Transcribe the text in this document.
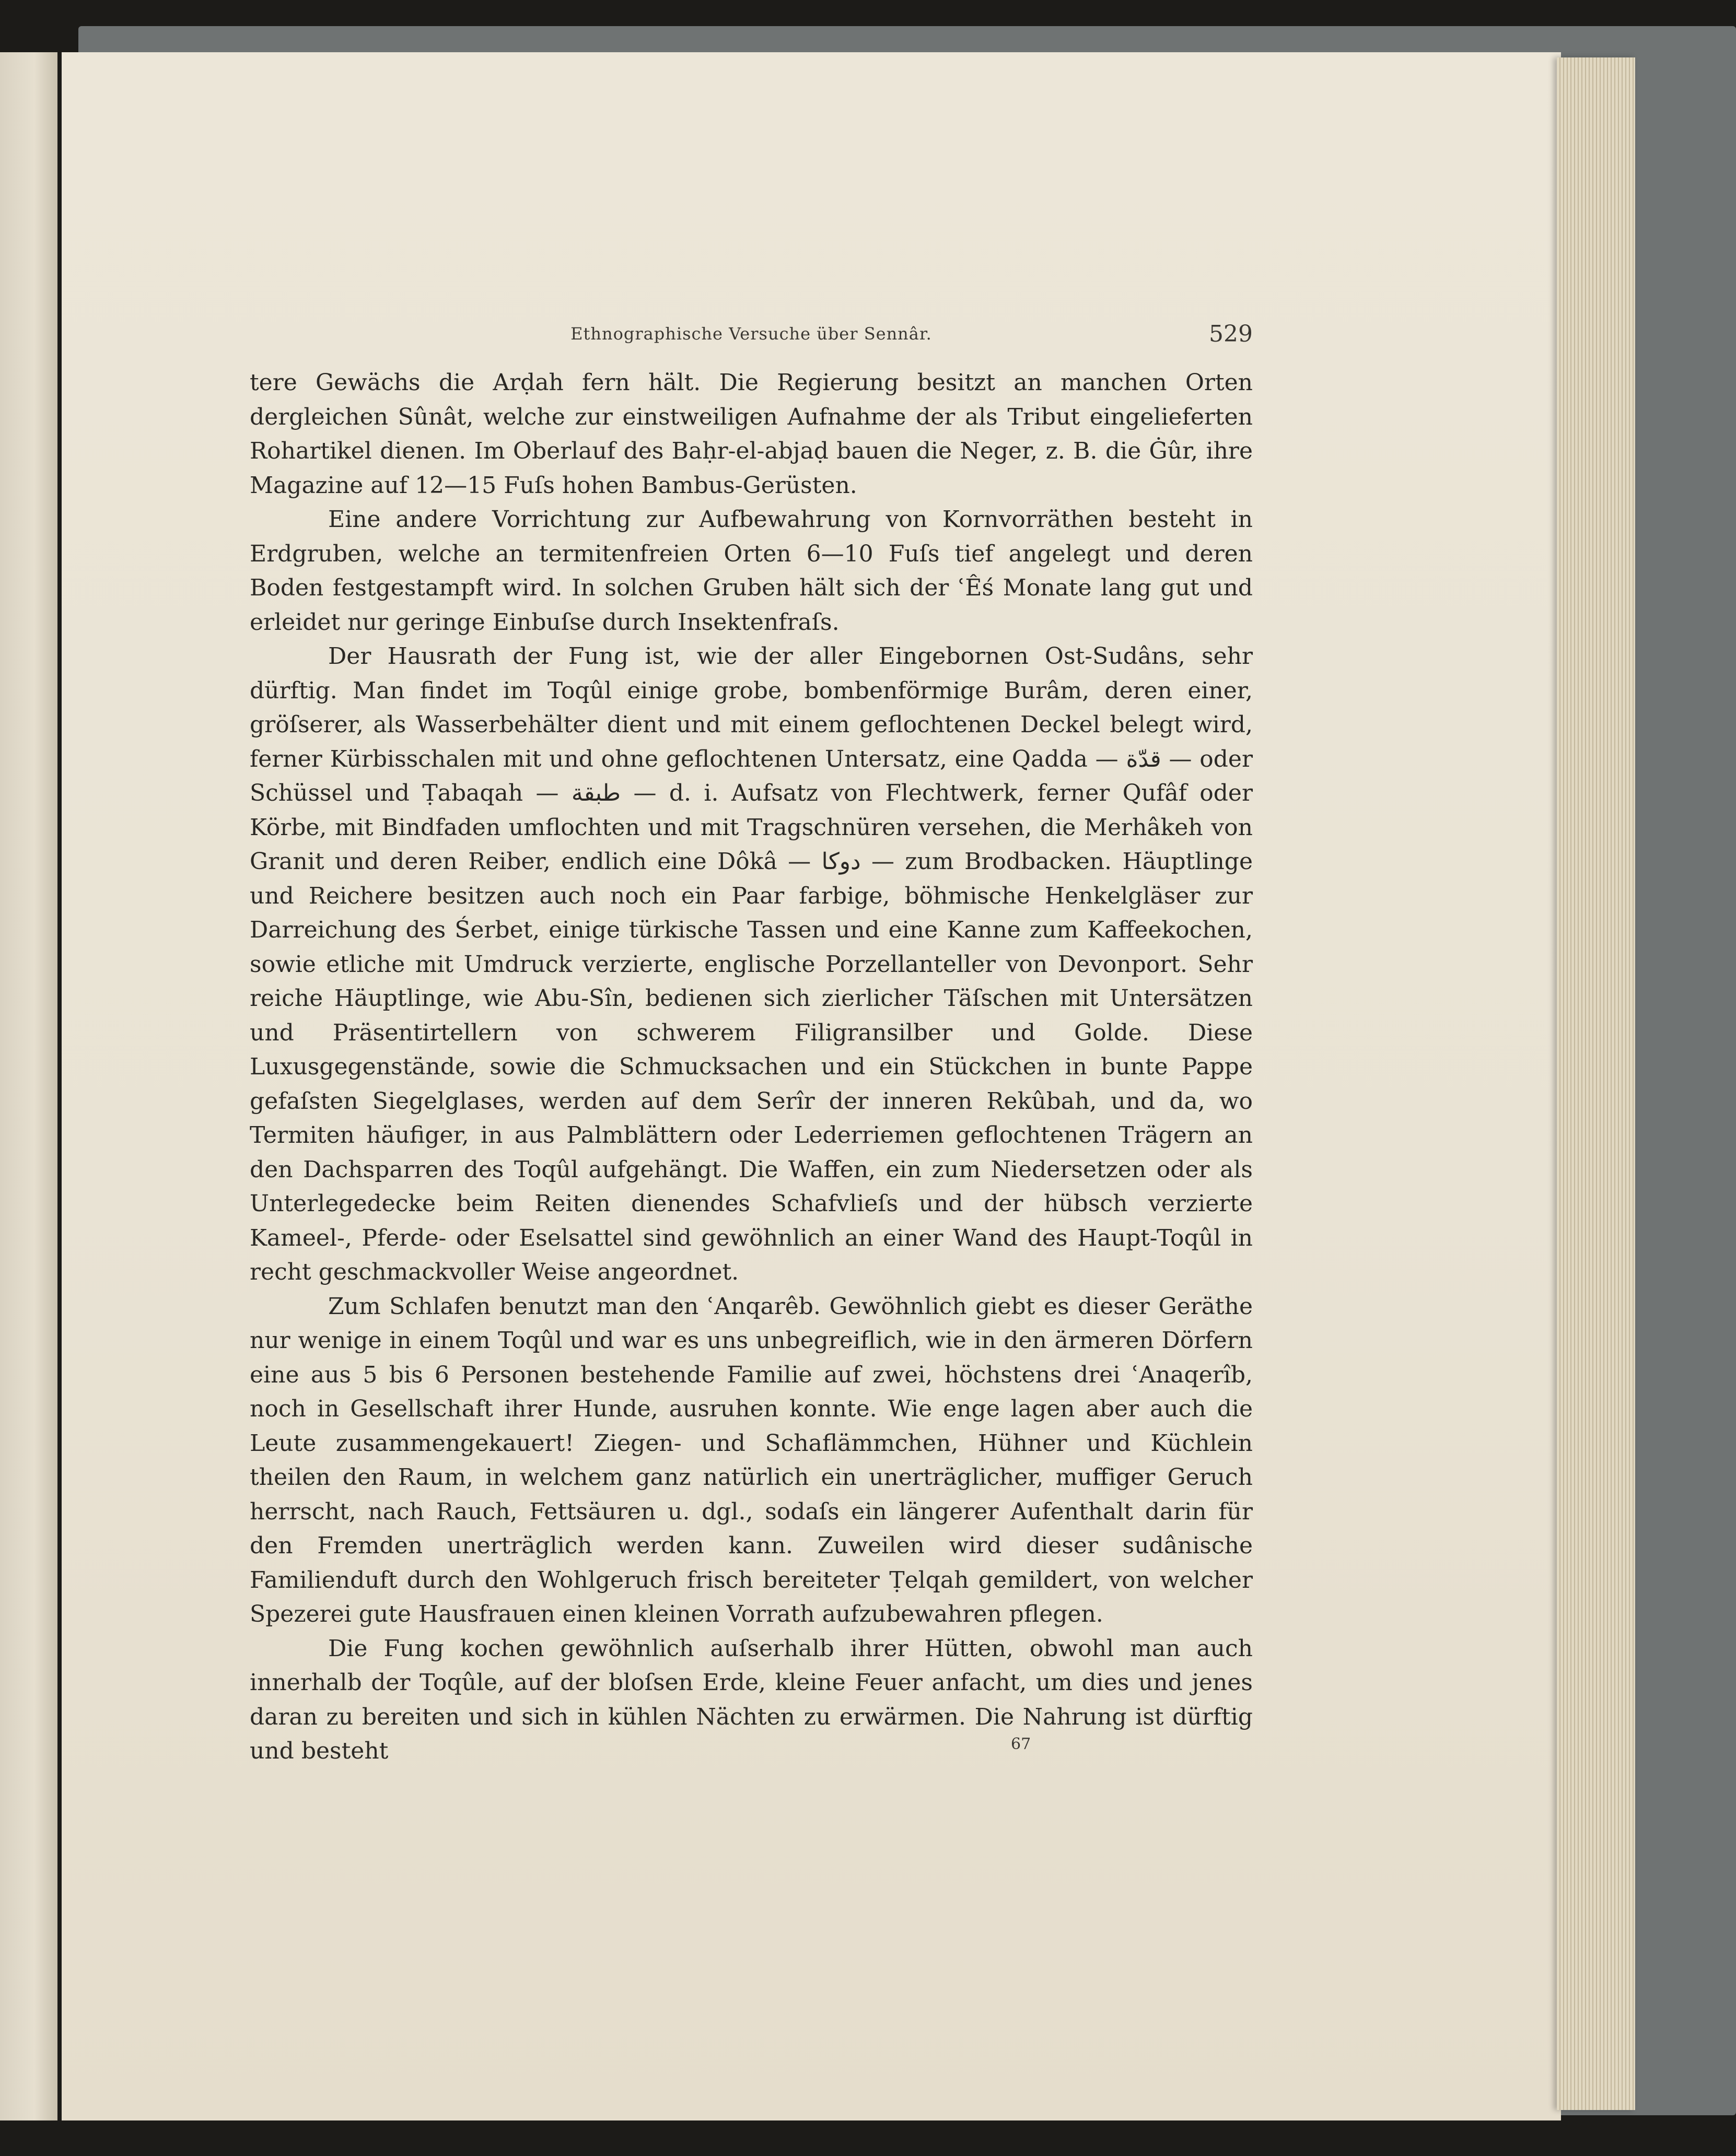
Ethnographische Versuche über Sennâr.	529

tere Gewächs die Arḍah fern hält. Die Regierung besitzt an manchen Orten dergleichen Sûnât, welche zur einstweiligen Aufnahme der als Tribut eingelieferten Rohartikel dienen. Im Oberlauf des Baḥr-el-abjaḍ bauen die Neger, z. B. die Ġûr, ihre Magazine auf 12—15 Fuſs hohen Bambus-Gerüsten.

Eine andere Vorrichtung zur Aufbewahrung von Kornvorräthen besteht in Erdgruben, welche an termitenfreien Orten 6—10 Fuſs tief angelegt und deren Boden festgestampft wird. In solchen Gruben hält sich der ʿÊś Monate lang gut und erleidet nur geringe Einbuſse durch Insektenfraſs.

Der Hausrath der Fung ist, wie der aller Eingebornen Ost-Sudâns, sehr dürftig. Man findet im Toqûl einige grobe, bombenförmige Burâm, deren einer, gröſserer, als Wasserbehälter dient und mit einem geflochtenen Deckel belegt wird, ferner Kürbisschalen mit und ohne geflochtenen Untersatz, eine Qadda — قدّة — oder Schüssel und Ṭabaqah — طبقة — d. i. Aufsatz von Flechtwerk, ferner Qufâf oder Körbe, mit Bindfaden umflochten und mit Tragschnüren versehen, die Merhâkeh von Granit und deren Reiber, endlich eine Dôkâ — دوكا — zum Brodbacken. Häuptlinge und Reichere besitzen auch noch ein Paar farbige, böhmische Henkelgläser zur Darreichung des Śerbet, einige türkische Tassen und eine Kanne zum Kaffeekochen, sowie etliche mit Umdruck verzierte, englische Porzellanteller von Devonport. Sehr reiche Häuptlinge, wie Abu-Sîn, bedienen sich zierlicher Täſschen mit Untersätzen und Präsentirtellern von schwerem Filigransilber und Golde. Diese Luxusgegenstände, sowie die Schmucksachen und ein Stückchen in bunte Pappe gefaſsten Siegelglases, werden auf dem Serîr der inneren Rekûbah, und da, wo Termiten häufiger, in aus Palmblättern oder Lederriemen geflochtenen Trägern an den Dachsparren des Toqûl aufgehängt. Die Waffen, ein zum Niedersetzen oder als Unterlegedecke beim Reiten dienendes Schafvlieſs und der hübsch verzierte Kameel-, Pferde- oder Eselsattel sind gewöhnlich an einer Wand des Haupt-Toqûl in recht geschmackvoller Weise angeordnet.

Zum Schlafen benutzt man den ʿAnqarêb. Gewöhnlich giebt es dieser Geräthe nur wenige in einem Toqûl und war es uns unbegreiflich, wie in den ärmeren Dörfern eine aus 5 bis 6 Personen bestehende Familie auf zwei, höchstens drei ʿAnaqerîb, noch in Gesellschaft ihrer Hunde, ausruhen konnte. Wie enge lagen aber auch die Leute zusammengekauert! Ziegen- und Schaflämmchen, Hühner und Küchlein theilen den Raum, in welchem ganz natürlich ein unerträglicher, muffiger Geruch herrscht, nach Rauch, Fettsäuren u. dgl., sodaſs ein längerer Aufenthalt darin für den Fremden unerträglich werden kann. Zuweilen wird dieser sudânische Familienduft durch den Wohlgeruch frisch bereiteter Ṭelqah gemildert, von welcher Spezerei gute Hausfrauen einen kleinen Vorrath aufzubewahren pflegen.

Die Fung kochen gewöhnlich auſserhalb ihrer Hütten, obwohl man auch innerhalb der Toqûle, auf der bloſsen Erde, kleine Feuer anfacht, um dies und jenes daran zu bereiten und sich in kühlen Nächten zu erwärmen. Die Nahrung ist dürftig und besteht	67
